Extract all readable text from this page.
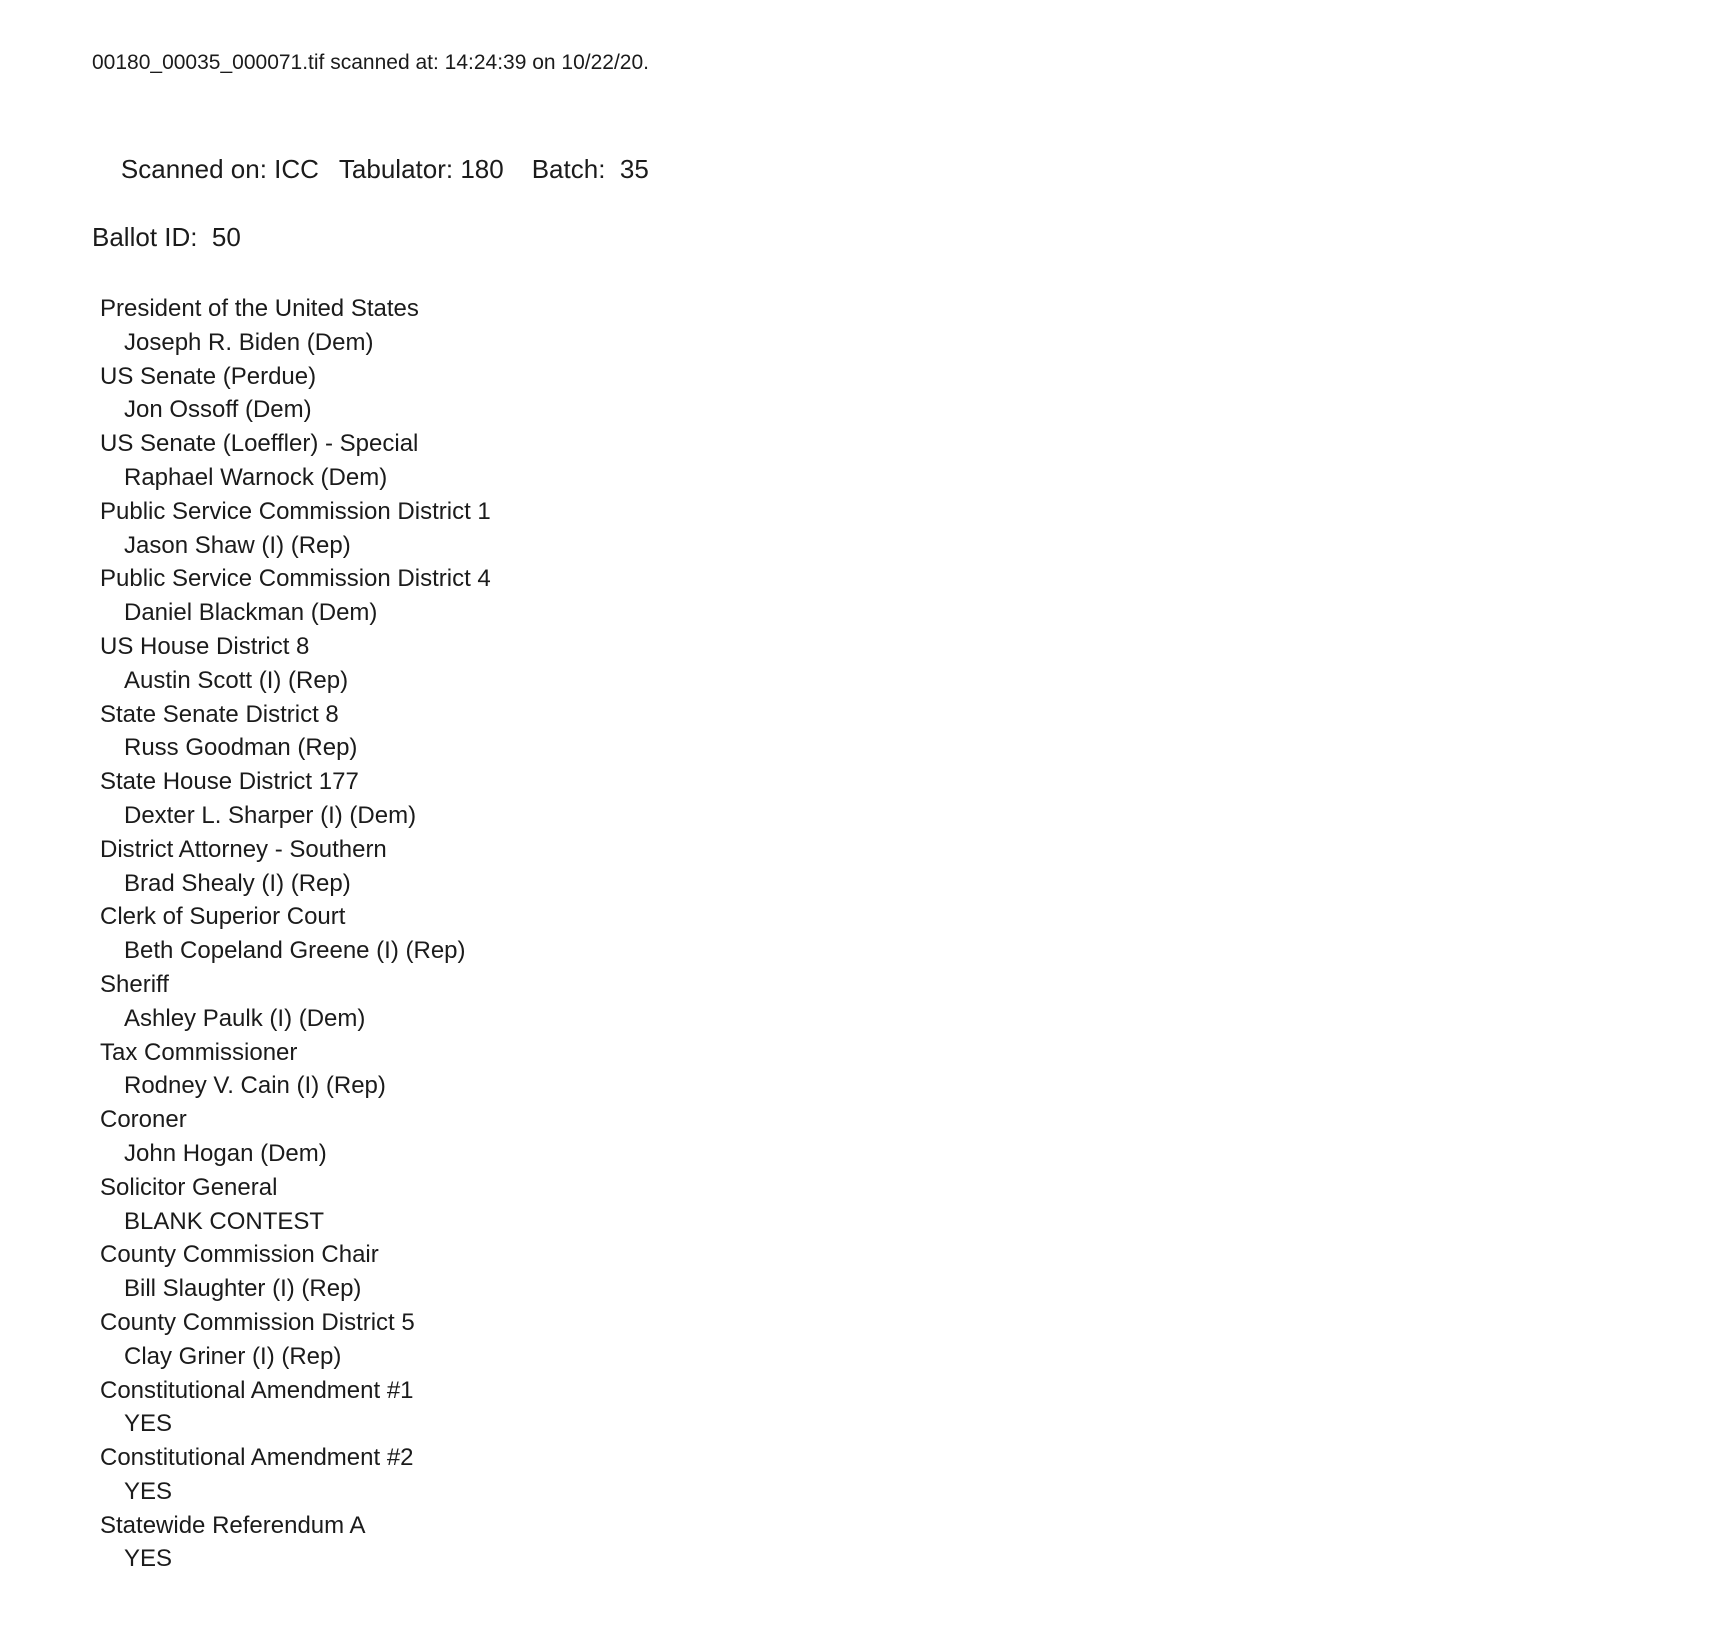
00180_00035_000071.tif scanned at: 14:24:39 on 10/22/20.

Scanned on: ICC Tabulator: 180 Batch:  35

Ballot ID:  50
President of the United States
Joseph R. Biden (Dem)
US Senate (Perdue)
Jon Ossoff (Dem)
US Senate (Loeffler) - Special
Raphael Warnock (Dem)
Public Service Commission District 1
Jason Shaw (I) (Rep)
Public Service Commission District 4
Daniel Blackman (Dem)
US House District 8
Austin Scott (I) (Rep)
State Senate District 8
Russ Goodman (Rep)
State House District 177
Dexter L. Sharper (I) (Dem)
District Attorney - Southern
Brad Shealy (I) (Rep)
Clerk of Superior Court
Beth Copeland Greene (I) (Rep)
Sheriff
Ashley Paulk (I) (Dem)
Tax Commissioner
Rodney V. Cain (I) (Rep)
Coroner
John Hogan (Dem)
Solicitor General
BLANK CONTEST
County Commission Chair
Bill Slaughter (I) (Rep)
County Commission District 5
Clay Griner (I) (Rep)
Constitutional Amendment #1
YES
Constitutional Amendment #2
YES
Statewide Referendum A
YES
